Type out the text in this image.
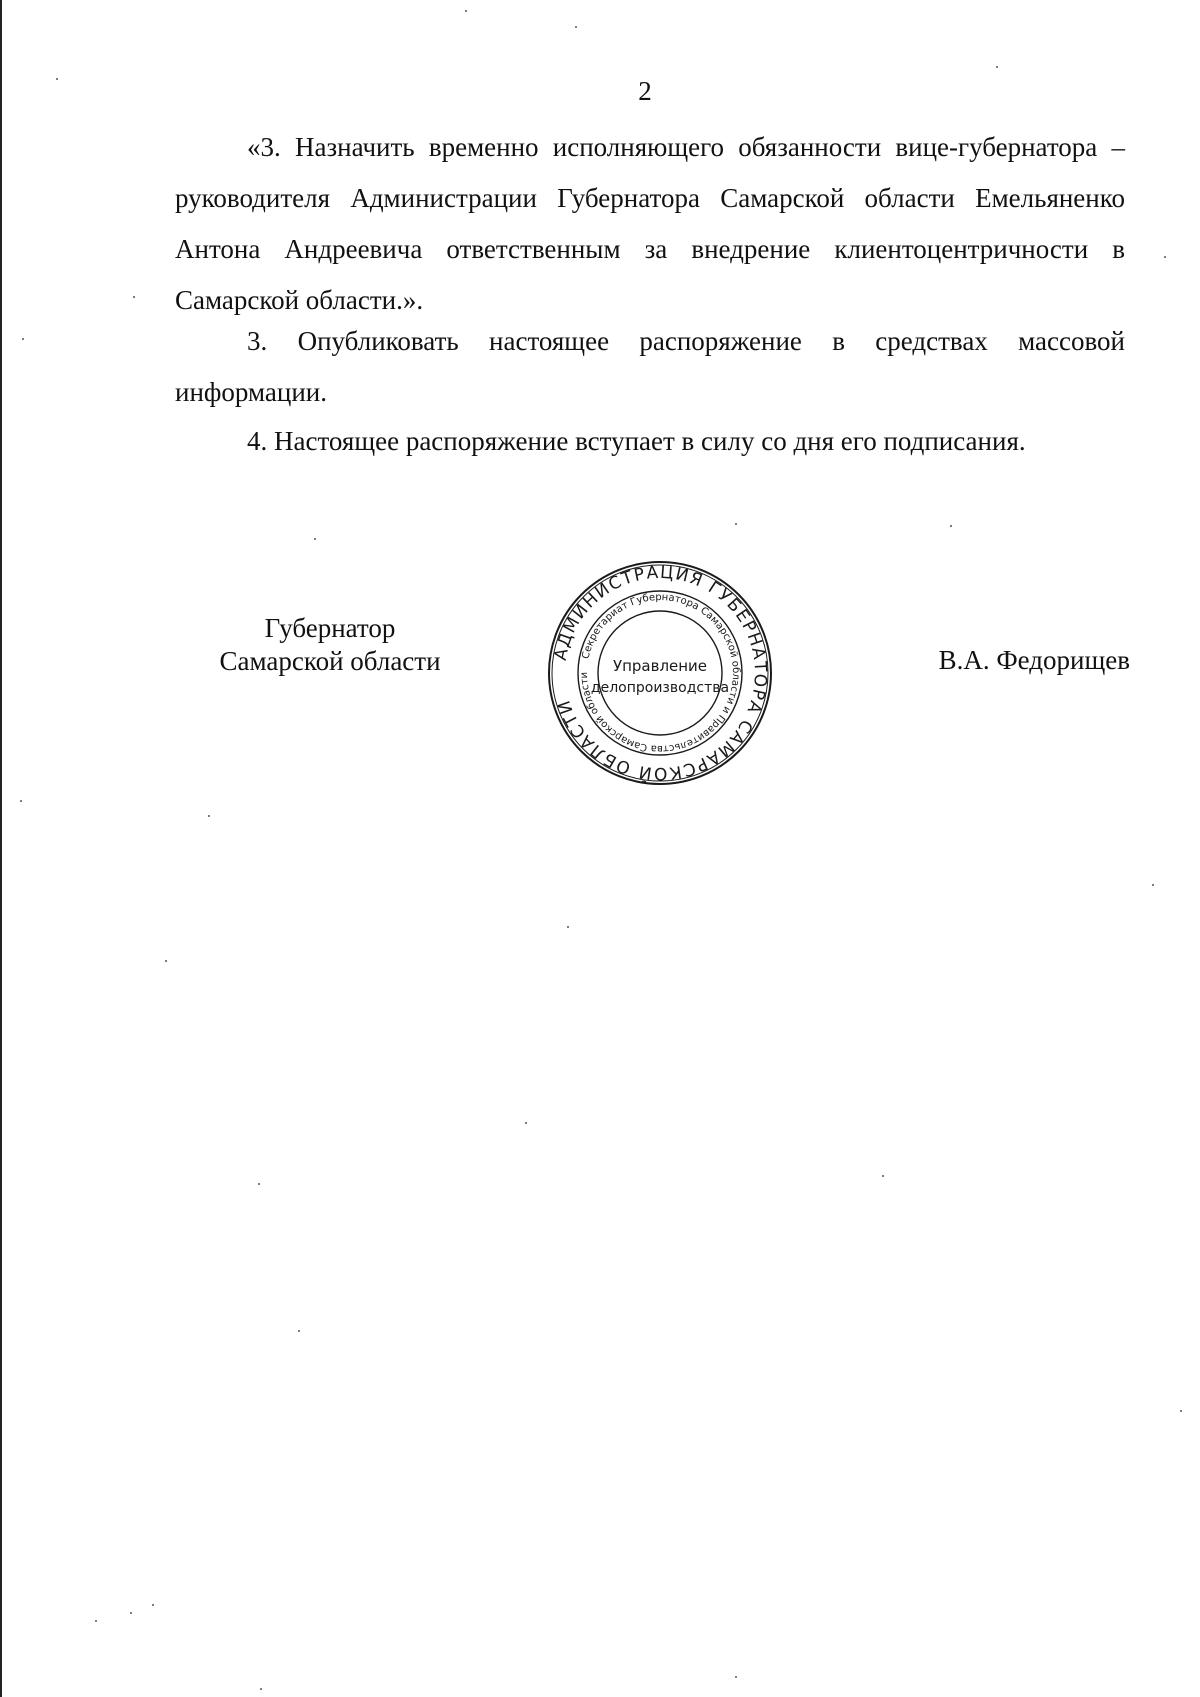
2

«3. Назначить временно исполняющего обязанности вице-губернатора – руководителя Администрации Губернатора Самарской области Емельяненко Антона Андреевича ответственным за внедрение клиентоцентричности в Самарской области.».

3. Опубликовать настоящее распоряжение в средствах массовой информации.

4. Настоящее распоряжение вступает в силу со дня его подписания.

Губернатор
Самарской области	АДМИНИСТРАЦИЯ ГУБЕРНАТОРА САМАРСКОЙ ОБЛАСТИ
Секретариат Губернатора Самарской области и Правительства Самарской области
Управление
делопроизводства
В.А. Федорищев
